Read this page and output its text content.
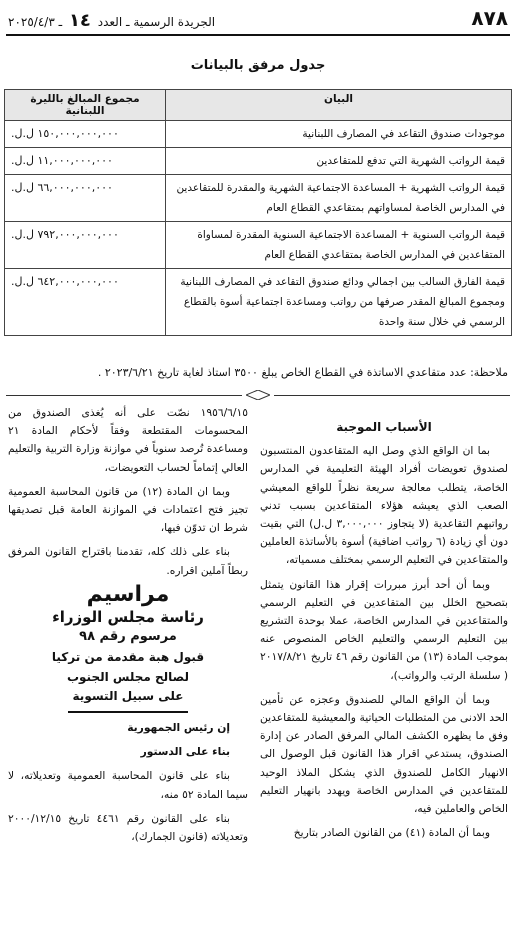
٨٧٨
الجريدة الرسمية ـ العدد ١٤ ـ ٢٠٢٥/٤/٣
جدول مرفق بالبيانات
البيان	مجموع المبالغ بالليرة اللبنانية
موجودات صندوق التقاعد في المصارف اللبنانية	١٥٠,٠٠٠,٠٠٠,٠٠٠ ل.ل.
قيمة الرواتب الشهرية التي تدفع للمتقاعدين	١١,٠٠٠,٠٠٠,٠٠٠ ل.ل.
قيمة الرواتب الشهرية + المساعدة الاجتماعية الشهرية والمقدرة للمتقاعدين في المدارس الخاصة لمساواتهم بمتقاعدي القطاع العام	٦٦,٠٠٠,٠٠٠,٠٠٠ ل.ل.
قيمة الرواتب السنوية + المساعدة الاجتماعية السنوية المقدرة لمساواة المتقاعدين في المدارس الخاصة بمتقاعدي القطاع العام	٧٩٢,٠٠٠,٠٠٠,٠٠٠ ل.ل.
قيمة الفارق السالب بين اجمالي ودائع صندوق التقاعد في المصارف اللبنانية ومجموع المبالغ المقدر صرفها من رواتب ومساعدة اجتماعية أسوة بالقطاع الرسمي في خلال سنة واحدة	٦٤٢,٠٠٠,٠٠٠,٠٠٠ ل.ل.
ملاحظة: عدد متقاعدي الاساتذة في القطاع الخاص يبلغ ٣٥٠٠ استاذ لغاية تاريخ ٢٠٢٣/٦/٢١ .
الأسباب الموجبة

بما ان الواقع الذي وصل اليه المتقاعدون المنتسبون لصندوق تعويضات أفراد الهيئة التعليمية في المدارس الخاصة، يتطلب معالجة سريعة نظراً للواقع المعيشي الصعب الذي يعيشه هؤلاء المتقاعدين بسبب تدني رواتبهم التقاعدية (لا يتجاوز ٣,٠٠٠,٠٠٠ ل.ل) التي بقيت دون أي زيادة (٦ رواتب اضافية) أسوة بالأساتذة العاملين والمتقاعدين في التعليم الرسمي بمختلف مسمياته،

وبما أن أحد أبرز مبررات إقرار هذا القانون يتمثل بتصحيح الخلل بين المتقاعدين في التعليم الرسمي والمتقاعدين في المدارس الخاصة، عملا بوحدة التشريع بين التعليم الرسمي والتعليم الخاص المنصوص عنه بموجب المادة (١٣) من القانون رقم ٤٦ تاريخ ٢٠١٧/٨/٢١ ( سلسلة الرتب والرواتب)،

وبما أن الواقع المالي للصندوق وعجزه عن تأمين الحد الادنى من المتطلبات الحياتية والمعيشية للمتقاعدين وفق ما يظهره الكشف المالي المرفق الصادر عن إدارة الصندوق، يستدعي اقرار هذا القانون قبل الوصول الى الانهيار الكامل للصندوق الذي يشكل الملاذ الوحيد للمتقاعدين في المدارس الخاصة ويهدد بانهيار التعليم الخاص والعاملين فيه،

وبما أن المادة (٤١) من القانون الصادر بتاريخ

١٩٥٦/٦/١٥ نصّت على أنه يُغذى الصندوق من المحسومات المقتطعة وفقاً لأحكام المادة ٢١ ومساعدة تُرصد سنوياً في موازنة وزارة التربية والتعليم العالي إتماماً لحساب التعويضات،

وبما ان المادة (١٢) من قانون المحاسبة العمومية تجيز فتح اعتمادات في الموازنة العامة قبل تصديقها شرط ان تدوّن فيها،

بناء على ذلك كله، تقدمنا باقتراح القانون المرفق ربطاً آملين اقراره.

مراسيم
رئاسة مجلس الوزراء
مرسوم رقم ٩٨
قبول هبة مقدمة من تركيا
لصالح مجلس الجنوب
على سبيل التسوية

إن رئيس الجمهورية

بناء على الدستور

بناء على قانون المحاسبة العمومية وتعديلاته، لا سيما المادة ٥٢ منه،

بناء على القانون رقم ٤٤٦١ تاريخ ٢٠٠٠/١٢/١٥ وتعديلاته (قانون الجمارك)،
